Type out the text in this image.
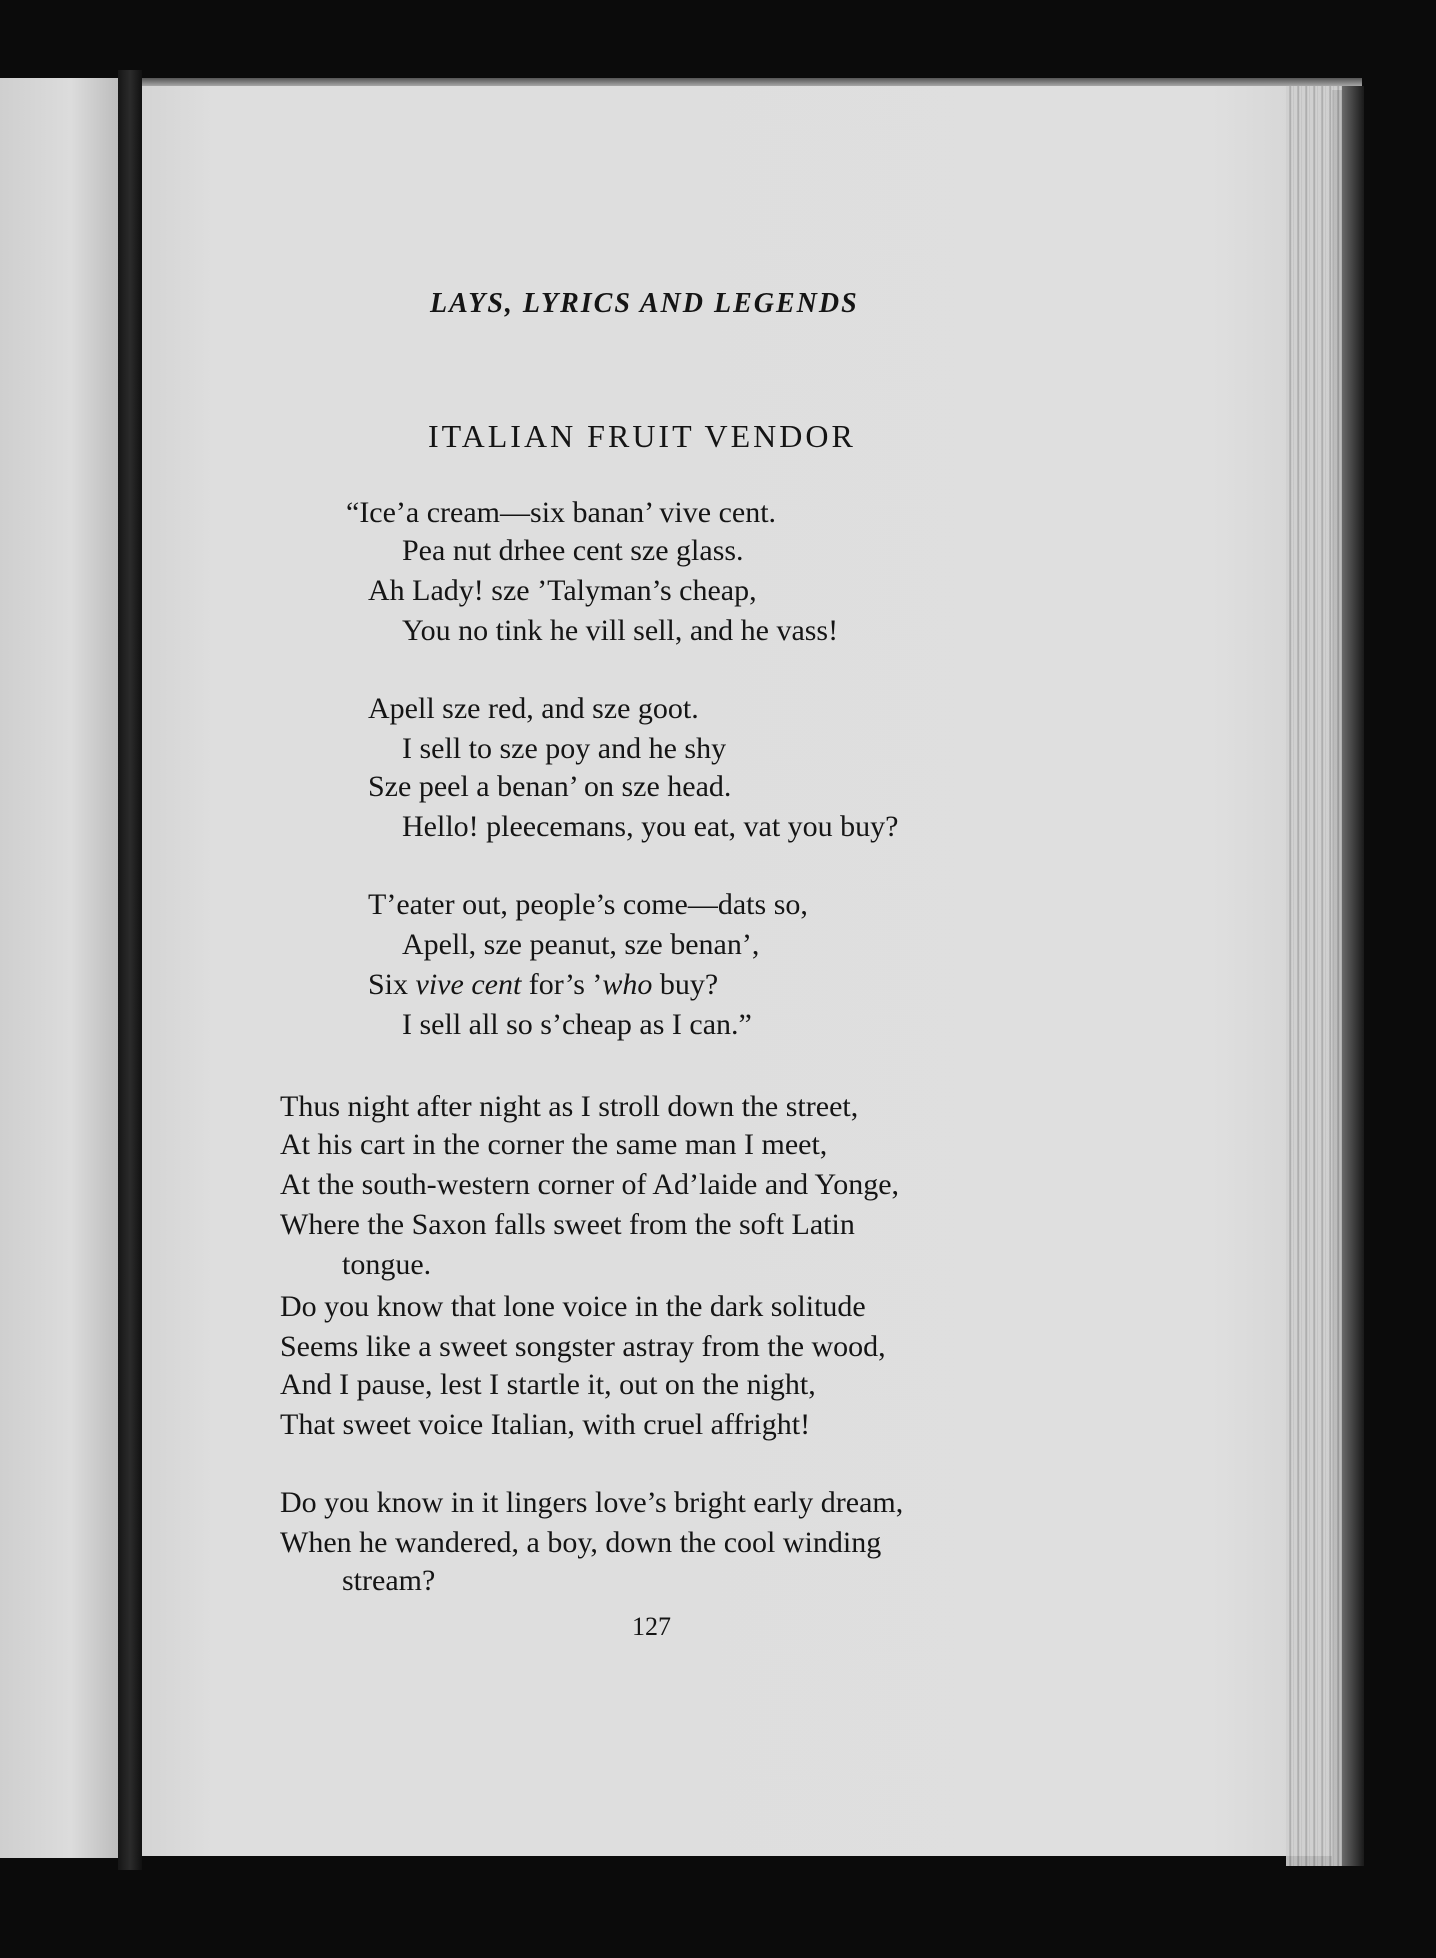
LAYS, LYRICS AND LEGENDS
ITALIAN FRUIT VENDOR
“Ice’a cream—six banan’ vive cent.
Pea nut drhee cent sze glass.
Ah Lady! sze ’Talyman’s cheap,
You no tink he vill sell, and he vass!
Apell sze red, and sze goot.
I sell to sze poy and he shy
Sze peel a benan’ on sze head.
Hello! pleecemans, you eat, vat you buy?
T’eater out, people’s come—dats so,
Apell, sze peanut, sze benan’,
Six vive cent for’s ’who buy?
I sell all so s’cheap as I can.”
Thus night after night as I stroll down the street,
At his cart in the corner the same man I meet,
At the south-western corner of Ad’laide and Yonge,
Where the Saxon falls sweet from the soft Latin
tongue.
Do you know that lone voice in the dark solitude
Seems like a sweet songster astray from the wood,
And I pause, lest I startle it, out on the night,
That sweet voice Italian, with cruel affright!
Do you know in it lingers love’s bright early dream,
When he wandered, a boy, down the cool winding
stream?
127
